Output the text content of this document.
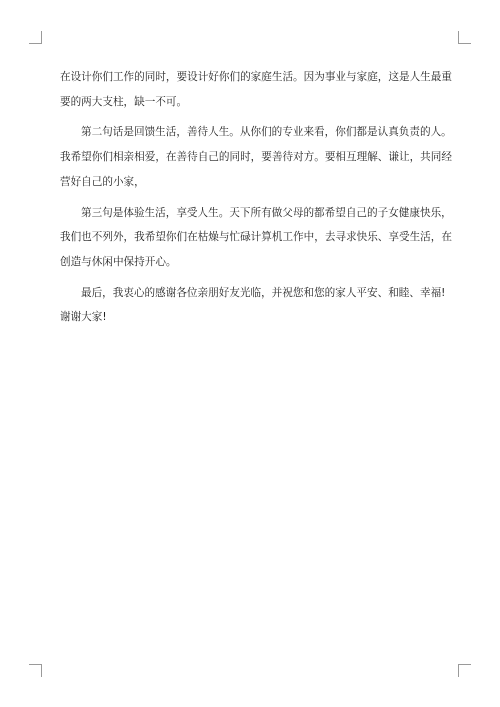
在设计你们工作的同时，要设计好你们的家庭生活。因为事业与家庭，这是人生最重
要的两大支柱，缺一不可。

第二句话是回馈生活，善待人生。从你们的专业来看，你们都是认真负责的人。
我希望你们相亲相爱，在善待自己的同时，要善待对方。要相互理解、谦让，共同经
营好自己的小家，

第三句是体验生活，享受人生。天下所有做父母的都希望自己的子女健康快乐，
我们也不列外，我希望你们在枯燥与忙碌计算机工作中，去寻求快乐、享受生活，在
创造与休闲中保持开心。

最后，我衷心的感谢各位亲朋好友光临，并祝您和您的家人平安、和睦、幸福!
谢谢大家!
